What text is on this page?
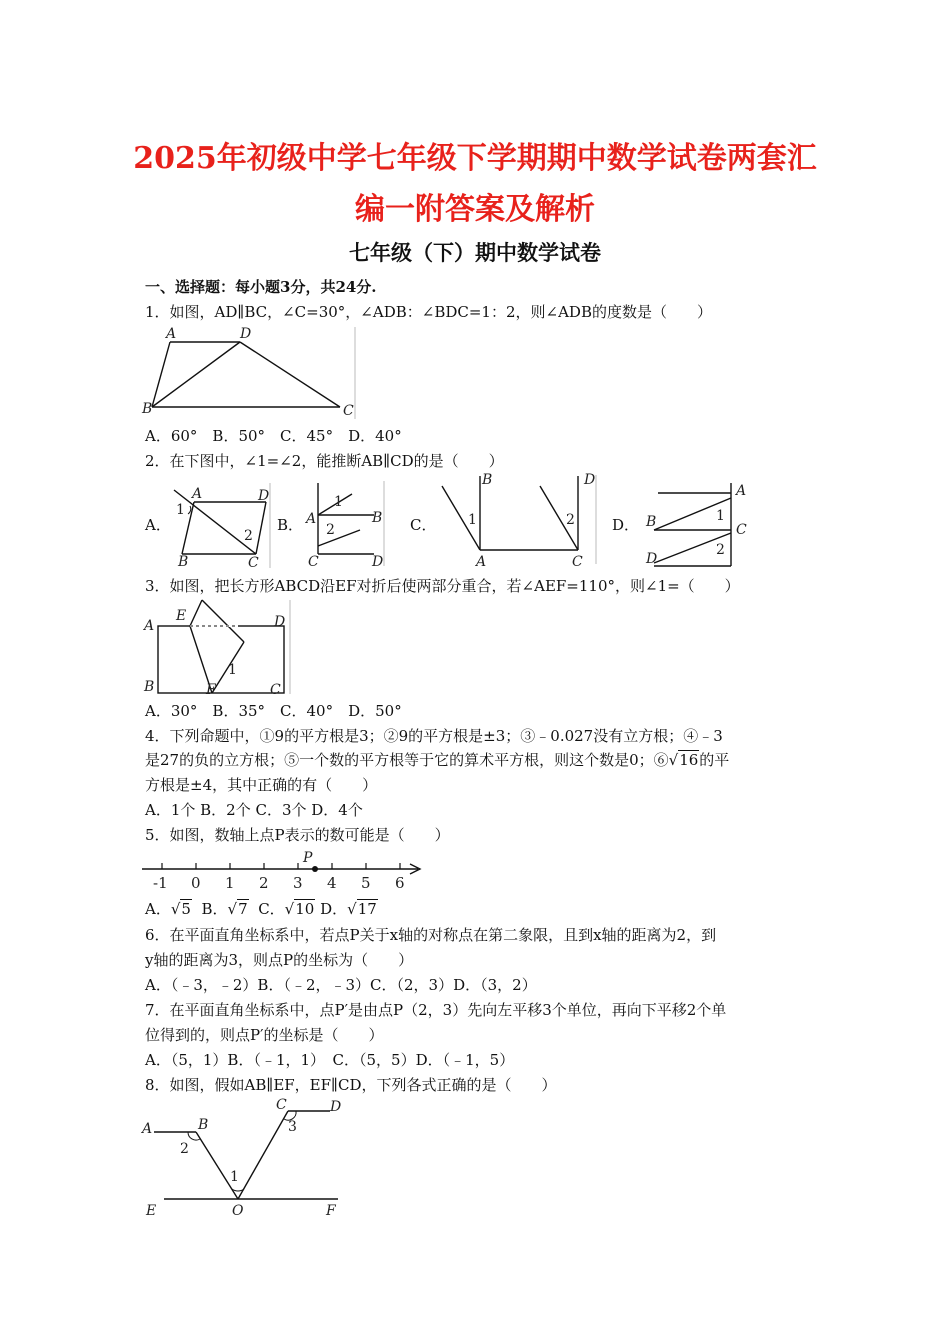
2025年初级中学七年级下学期期中数学试卷两套汇
编一附答案及解析
七年级（下）期中数学试卷
一、选择题：每小题3分，共24分.
1．如图，AD∥BC，∠C=30°，∠ADB：∠BDC=1：2，则∠ADB的度数是（　　）
A	D
B	C
A．60°　B．50°　C．45°　D．40°
2．在下图中，∠1=∠2，能推断AB∥CD的是（　　）
A．
A	D
B	C
1
2
B． A	B
C	D
1
2	C．
B	D
A	C
1	2 D．
A
B	C
D
1
2
3．如图，把长方形ABCD沿EF对折后使两部分重合，若∠AEF=110°，则∠1=（　　）
A
E	D
B	F	C
1
A．30°　B．35°　C．40°　D．50°
4．下列命题中，①9的平方根是3；②9的平方根是±3；③﹣0.027没有立方根；④﹣3
是27的负的立方根；⑤一个数的平方根等于它的算术平方根，则这个数是0；⑥√16的平
方根是±4，其中正确的有（　　）
A．1个 B．2个 C．3个 D．4个
5．如图，数轴上点P表示的数可能是（　　）
-1 0 1 2 3 4 5 6
P
A．√5 B．√7 C．√10 D．√17
6．在平面直角坐标系中，若点P关于x轴的对称点在第二象限，且到x轴的距离为2，到
y轴的距离为3，则点P的坐标为（　　）
A．（﹣3，﹣2）B．（﹣2，﹣3）C．（2，3）D．（3，2）
7．在平面直角坐标系中，点P′是由点P（2，3）先向左平移3个单位，再向下平移2个单
位得到的，则点P′的坐标是（　　）
A．（5，1）B．（﹣1，1）　C．（5，5）D．（﹣1，5）
8．如图，假如AB∥EF，EF∥CD，下列各式正确的是（　　）
A	B
C	D
E	O	F
1
2
3
